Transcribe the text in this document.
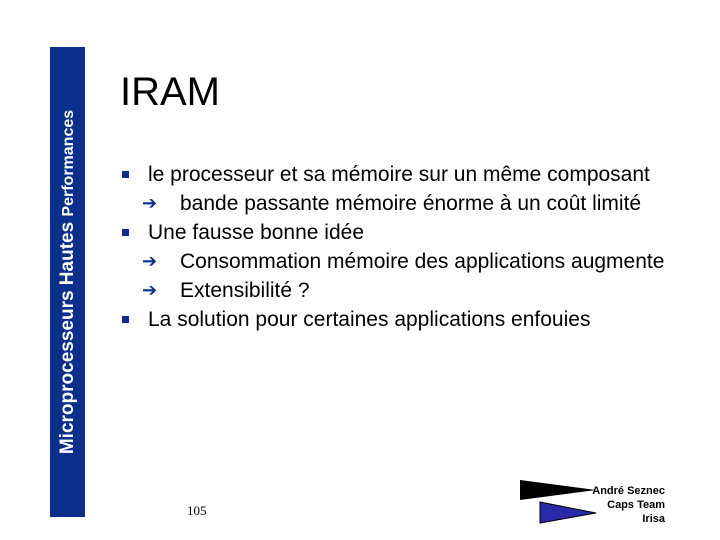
Microprocesseurs Hautes Performances
IRAM
le processeur et sa mémoire sur un même composant
➔ bande passante mémoire énorme à un coût limité
Une fausse bonne idée
➔ Consommation mémoire des applications augmente
➔ Extensibilité ?
La solution pour certaines applications enfouies
105
André Seznec
Caps Team
Irisa
